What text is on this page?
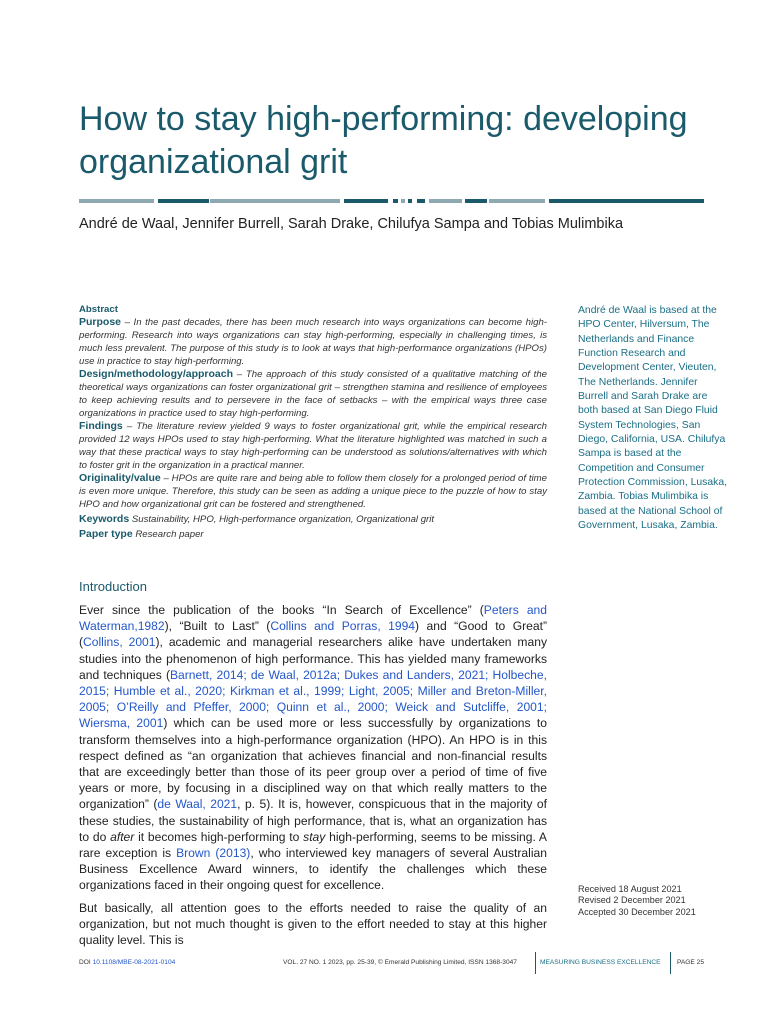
How to stay high-performing: developing organizational grit
André de Waal, Jennifer Burrell, Sarah Drake, Chilufya Sampa and Tobias Mulimbika

Abstract

Purpose – In the past decades, there has been much research into ways organizations can become high-performing. Research into ways organizations can stay high-performing, especially in challenging times, is much less prevalent. The purpose of this study is to look at ways that high-performance organizations (HPOs) use in practice to stay high-performing.

Design/methodology/approach – The approach of this study consisted of a qualitative matching of the theoretical ways organizations can foster organizational grit – strengthen stamina and resilience of employees to keep achieving results and to persevere in the face of setbacks – with the empirical ways three case organizations in practice used to stay high-performing.

Findings – The literature review yielded 9 ways to foster organizational grit, while the empirical research provided 12 ways HPOs used to stay high-performing. What the literature highlighted was matched in such a way that these practical ways to stay high-performing can be understood as solutions/alternatives with which to foster grit in the organization in a practical manner.

Originality/value – HPOs are quite rare and being able to follow them closely for a prolonged period of time is even more unique. Therefore, this study can be seen as adding a unique piece to the puzzle of how to stay HPO and how organizational grit can be fostered and strengthened.

Keywords Sustainability, HPO, High-performance organization, Organizational grit

Paper type Research paper

André de Waal is based at the HPO Center, Hilversum, The Netherlands and Finance Function Research and Development Center, Vieuten, The Netherlands. Jennifer Burrell and Sarah Drake are both based at San Diego Fluid System Technologies, San Diego, California, USA. Chilufya Sampa is based at the Competition and Consumer Protection Commission, Lusaka, Zambia. Tobias Mulimbika is based at the National School of Government, Lusaka, Zambia.
Introduction

Ever since the publication of the books “In Search of Excellence” (Peters and Waterman,1982), “Built to Last” (Collins and Porras, 1994) and “Good to Great” (Collins, 2001), academic and managerial researchers alike have undertaken many studies into the phenomenon of high performance. This has yielded many frameworks and techniques (Barnett, 2014; de Waal, 2012a; Dukes and Landers, 2021; Holbeche, 2015; Humble et al., 2020; Kirkman et al., 1999; Light, 2005; Miller and Breton-Miller, 2005; O’Reilly and Pfeffer, 2000; Quinn et al., 2000; Weick and Sutcliffe, 2001; Wiersma, 2001) which can be used more or less successfully by organizations to transform themselves into a high-performance organization (HPO). An HPO is in this respect defined as “an organization that achieves financial and non-financial results that are exceedingly better than those of its peer group over a period of time of five years or more, by focusing in a disciplined way on that which really matters to the organization” (de Waal, 2021, p. 5). It is, however, conspicuous that in the majority of these studies, the sustainability of high performance, that is, what an organization has to do after it becomes high-performing to stay high-performing, seems to be missing. A rare exception is Brown (2013), who interviewed key managers of several Australian Business Excellence Award winners, to identify the challenges which these organizations faced in their ongoing quest for excellence.

But basically, all attention goes to the efforts needed to raise the quality of an organization, but not much thought is given to the effort needed to stay at this higher quality level. This is

Received 18 August 2021
Revised 2 December 2021
Accepted 30 December 2021
DOI 10.1108/MBE-08-2021-0104	VOL. 27 NO. 1 2023, pp. 25-39, © Emerald Publishing Limited, ISSN 1368-3047	MEASURING BUSINESS EXCELLENCE PAGE 25
